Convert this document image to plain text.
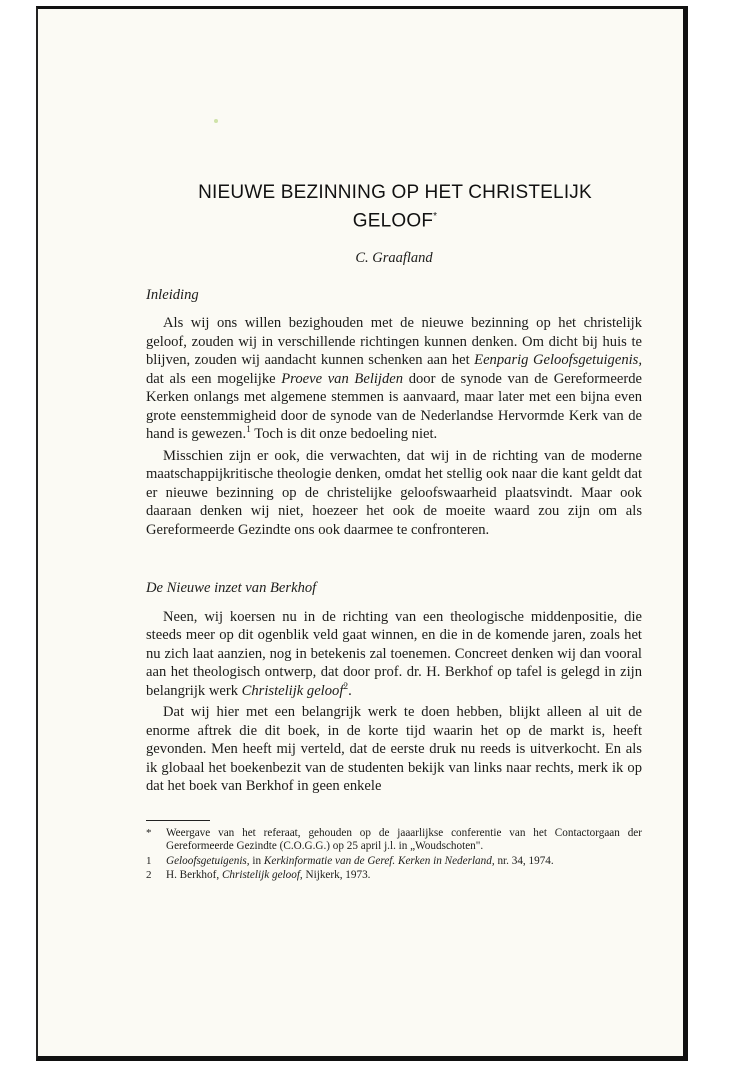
NIEUWE BEZINNING OP HET CHRISTELIJK
GELOOF*
C. Graafland
Inleiding

Als wij ons willen bezighouden met de nieuwe bezinning op het christelijk geloof, zouden wij in verschillende richtingen kunnen denken. Om dicht bij huis te blijven, zouden wij aandacht kunnen schenken aan het Eenparig Geloofsgetuigenis, dat als een mogelijke Proeve van Belijden door de synode van de Gereformeerde Kerken onlangs met algemene stemmen is aanvaard, maar later met een bijna even grote eenstemmigheid door de synode van de Nederlandse Hervormde Kerk van de hand is gewezen.$^1$ Toch is dit onze bedoeling niet.

Misschien zijn er ook, die verwachten, dat wij in de richting van de moderne maatschappijkritische theologie denken, omdat het stellig ook naar die kant geldt dat er nieuwe bezinning op de christelijke geloofswaarheid plaatsvindt. Maar ook daaraan denken wij niet, hoezeer het ook de moeite waard zou zijn om als Gereformeerde Gezindte ons ook daarmee te confronteren.

De Nieuwe inzet van Berkhof

Neen, wij koersen nu in de richting van een theologische middenpositie, die steeds meer op dit ogenblik veld gaat winnen, en die in de komende jaren, zoals het nu zich laat aanzien, nog in betekenis zal toenemen. Concreet denken wij dan vooral aan het theologisch ontwerp, dat door prof. dr. H. Berkhof op tafel is gelegd in zijn belangrijk werk Christelijk geloof$^2$.

Dat wij hier met een belangrijk werk te doen hebben, blijkt alleen al uit de enorme aftrek die dit boek, in de korte tijd waarin het op de markt is, heeft gevonden. Men heeft mij verteld, dat de eerste druk nu reeds is uitverkocht. En als ik globaal het boekenbezit van de studenten bekijk van links naar rechts, merk ik op dat het boek van Berkhof in geen enkele

* Weergave van het referaat, gehouden op de jaaarlijkse conferentie van het Contactorgaan der Gereformeerde Gezindte (C.O.G.G.) op 25 april j.l. in „Woudschoten".
1 Geloofsgetuigenis, in Kerkinformatie van de Geref. Kerken in Nederland, nr. 34, 1974.
2 H. Berkhof, Christelijk geloof, Nijkerk, 1973.
